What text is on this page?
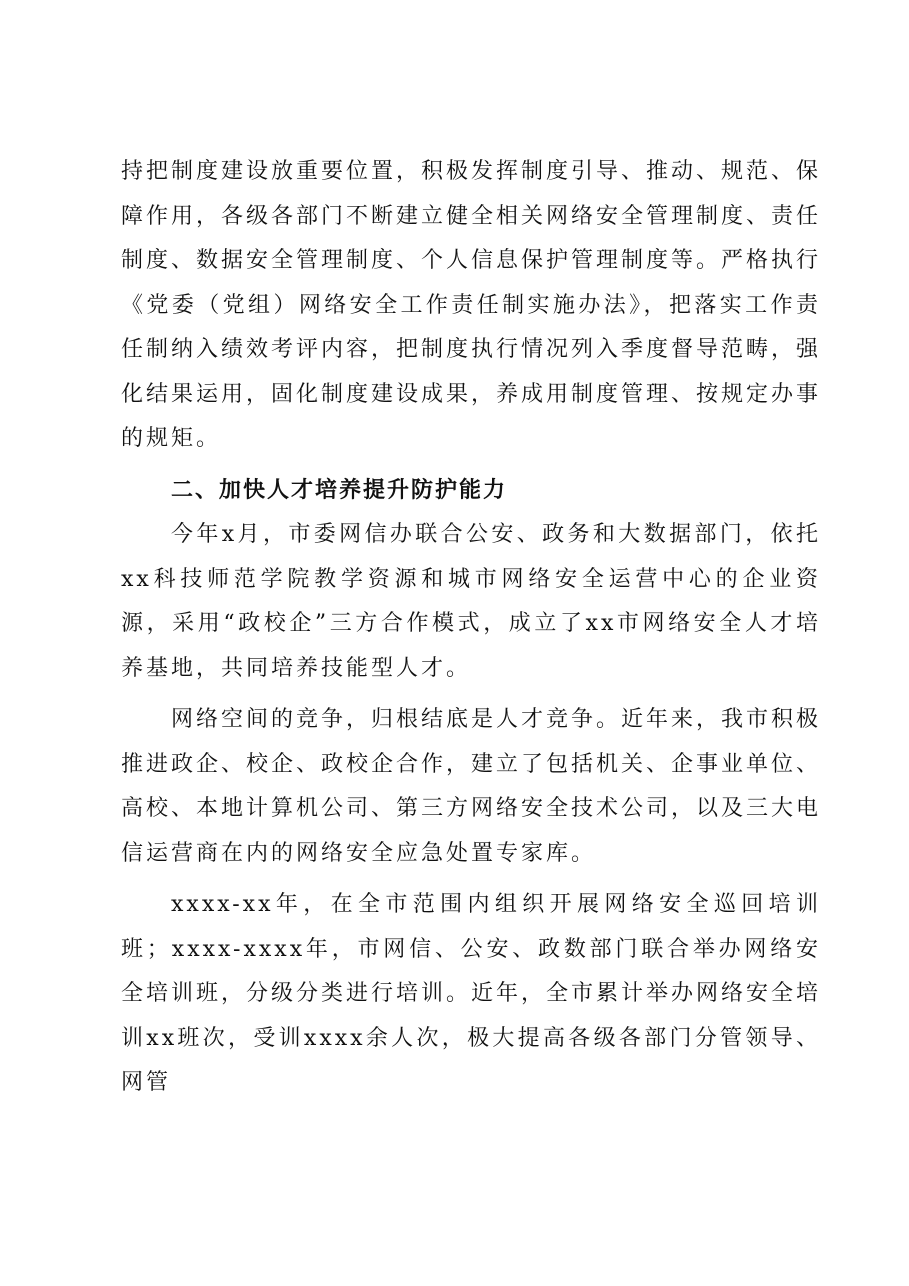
持把制度建设放重要位置，积极发挥制度引导、推动、规范、保障作用，各级各部门不断建立健全相关网络安全管理制度、责任制度、数据安全管理制度、个人信息保护管理制度等。严格执行《党委（党组）网络安全工作责任制实施办法》，把落实工作责任制纳入绩效考评内容，把制度执行情况列入季度督导范畴，强化结果运用，固化制度建设成果，养成用制度管理、按规定办事的规矩。

二、加快人才培养提升防护能力

今年x月，市委网信办联合公安、政务和大数据部门，依托xx科技师范学院教学资源和城市网络安全运营中心的企业资源，采用“政校企”三方合作模式，成立了xx市网络安全人才培养基地，共同培养技能型人才。

网络空间的竞争，归根结底是人才竞争。近年来，我市积极推进政企、校企、政校企合作，建立了包括机关、企事业单位、高校、本地计算机公司、第三方网络安全技术公司，以及三大电信运营商在内的网络安全应急处置专家库。

xxxx-xx年，在全市范围内组织开展网络安全巡回培训班；xxxx-xxxx年，市网信、公安、政数部门联合举办网络安全培训班，分级分类进行培训。近年，全市累计举办网络安全培训xx班次，受训xxxx余人次，极大提高各级各部门分管领导、网管
